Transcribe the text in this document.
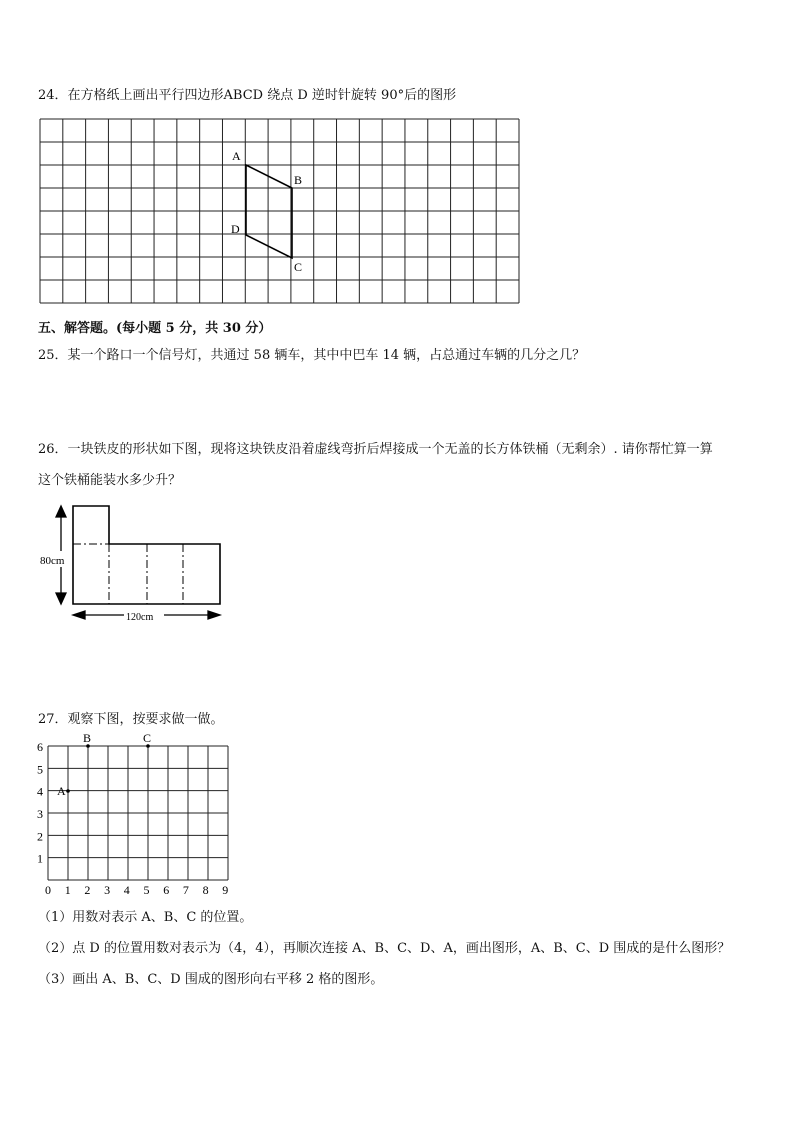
24．在方格纸上画出平行四边形ABCD 绕点 D 逆时针旋转 90°后的图形
A
B
C
D
五、解答题。(每小题 5 分，共 30 分）
25．某一个路口一个信号灯，共通过 58 辆车，其中中巴车 14 辆，占总通过车辆的几分之几？
26．一块铁皮的形状如下图，现将这块铁皮沿着虚线弯折后焊接成一个无盖的长方体铁桶（无剩余）. 请你帮忙算一算
这个铁桶能装水多少升？
80cm
120cm
27．观察下图，按要求做一做。
0 1 2 3 4 5 6 7 8 9
1
2
3
4
5
6
A
B	C
（1）用数对表示 A、B、C 的位置。
（2）点 D 的位置用数对表示为（4，4），再顺次连接 A、B、C、D、A，画出图形，A、B、C、D 围成的是什么图形？
（3）画出 A、B、C、D 围成的图形向右平移 2 格的图形。
